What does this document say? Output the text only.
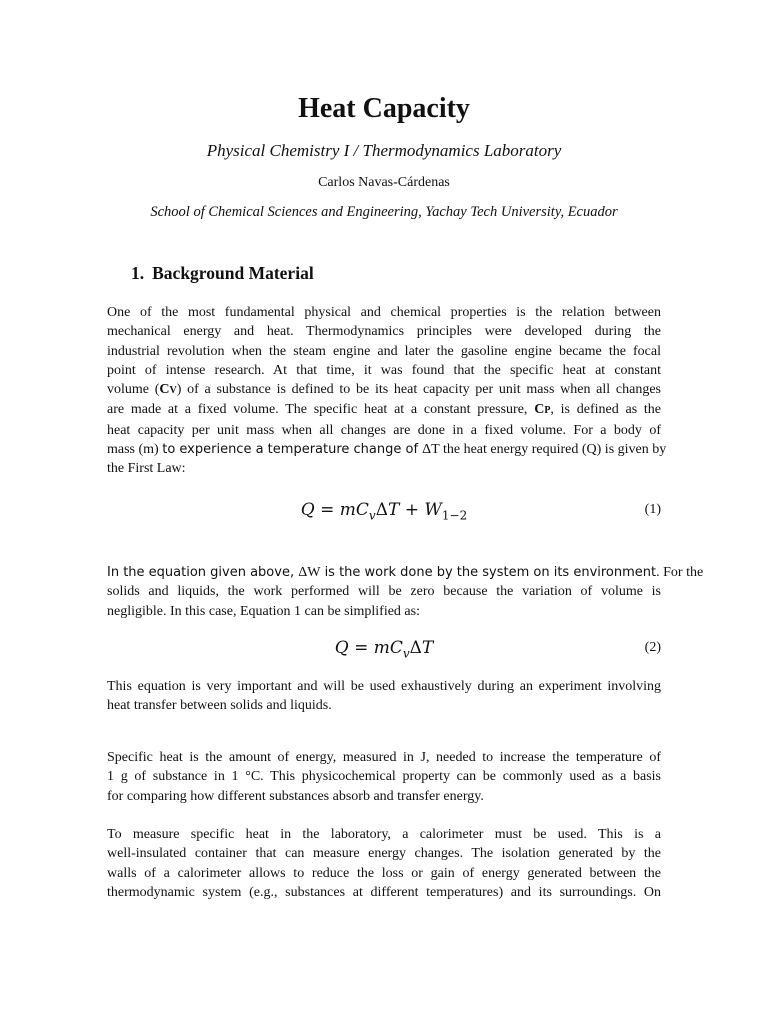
Heat Capacity
Physical Chemistry I / Thermodynamics Laboratory
Carlos Navas-Cárdenas
School of Chemical Sciences and Engineering, Yachay Tech University, Ecuador
1. Background Material
One of the most fundamental physical and chemical properties is the relation between
mechanical energy and heat. Thermodynamics principles were developed during the
industrial revolution when the steam engine and later the gasoline engine became the focal
point of intense research. At that time, it was found that the specific heat at constant
volume (CV) of a substance is defined to be its heat capacity per unit mass when all changes
are made at a fixed volume. The specific heat at a constant pressure, CP, is defined as the
heat capacity per unit mass when all changes are done in a fixed volume. For a body of
mass (m) to experience a temperature change of ΔT the heat energy required (Q) is given by
the First Law:
$Q = mC_v\Delta T + W_{1-2}$	(1)
In the equation given above, ΔW is the work done by the system on its environment. For the
solids and liquids, the work performed will be zero because the variation of volume is
negligible. In this case, Equation 1 can be simplified as:
$Q = mC_v\Delta T$	(2)
This equation is very important and will be used exhaustively during an experiment involving
heat transfer between solids and liquids.
Specific heat is the amount of energy, measured in J, needed to increase the temperature of
1 g of substance in 1 °C. This physicochemical property can be commonly used as a basis
for comparing how different substances absorb and transfer energy.
To measure specific heat in the laboratory, a calorimeter must be used. This is a
well-insulated container that can measure energy changes. The isolation generated by the
walls of a calorimeter allows to reduce the loss or gain of energy generated between the
thermodynamic system (e.g., substances at different temperatures) and its surroundings. On
